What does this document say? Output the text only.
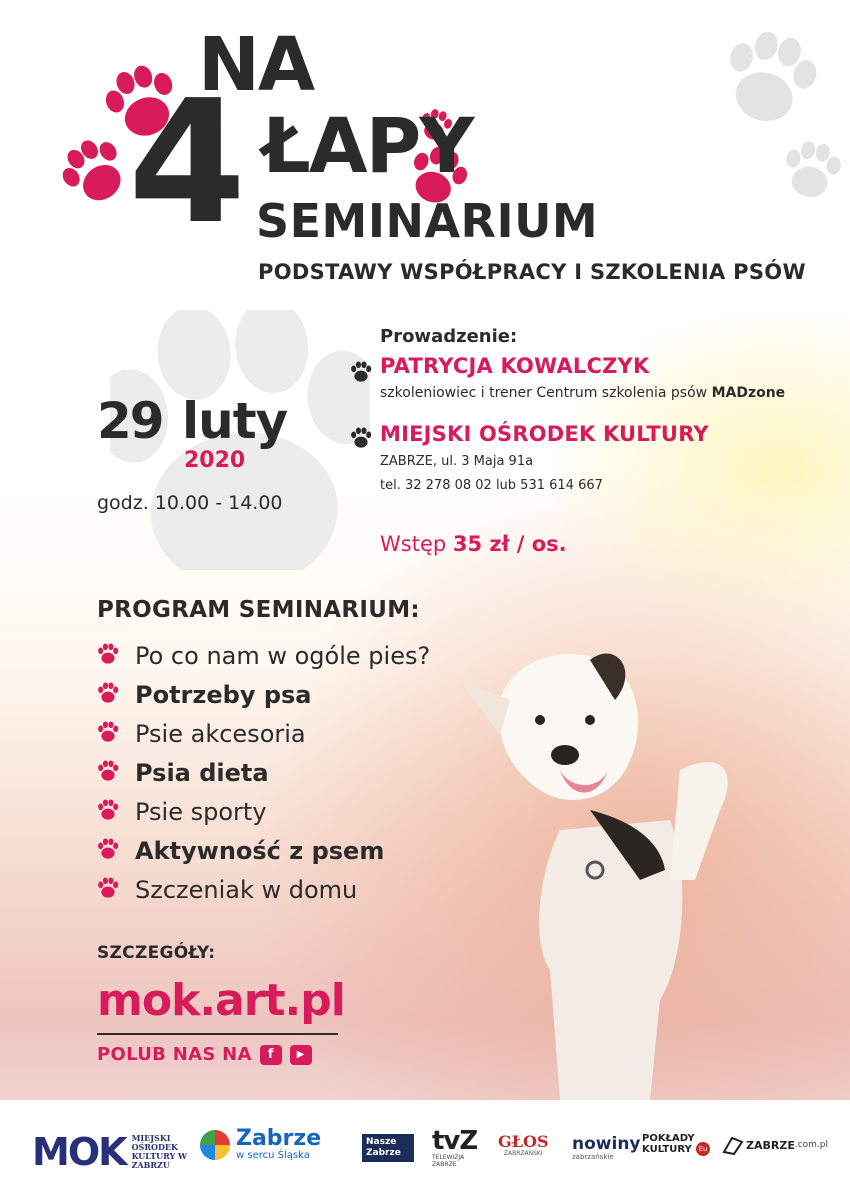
NA
4 ŁAPY
SEMINARIUM
PODSTAWY WSPÓŁPRACY I SZKOLENIA PSÓW
29 luty
2020
godz. 10.00 - 14.00
Prowadzenie:
PATRYCJA KOWALCZYK
szkoleniowiec i trener Centrum szkolenia psów MADzone
MIEJSKI OŚRODEK KULTURY
ZABRZE, ul. 3 Maja 91a
tel. 32 278 08 02 lub 531 614 667
Wstęp 35 zł / os.
PROGRAM SEMINARIUM:
Po co nam w ogóle pies?
Potrzeby psa
Psie akcesoria
Psia dieta
Psie sporty
Aktywność z psem
Szczeniak w domu
SZCZEGÓŁY:
mok.art.pl
POLUB NAS NA	f	▶
MOK MIEJSKI OŚRODEK KULTURY W ZABRZU
Zabrze
w sercu Śląska
Nasze Zabrze	tvZ
TELEWIZJA ZABRZE
GŁOS
ZABRZAŃSKI nowiny
zabrzańskie
POKŁADY KULTURY Eu	ZABRZE .com.pl
